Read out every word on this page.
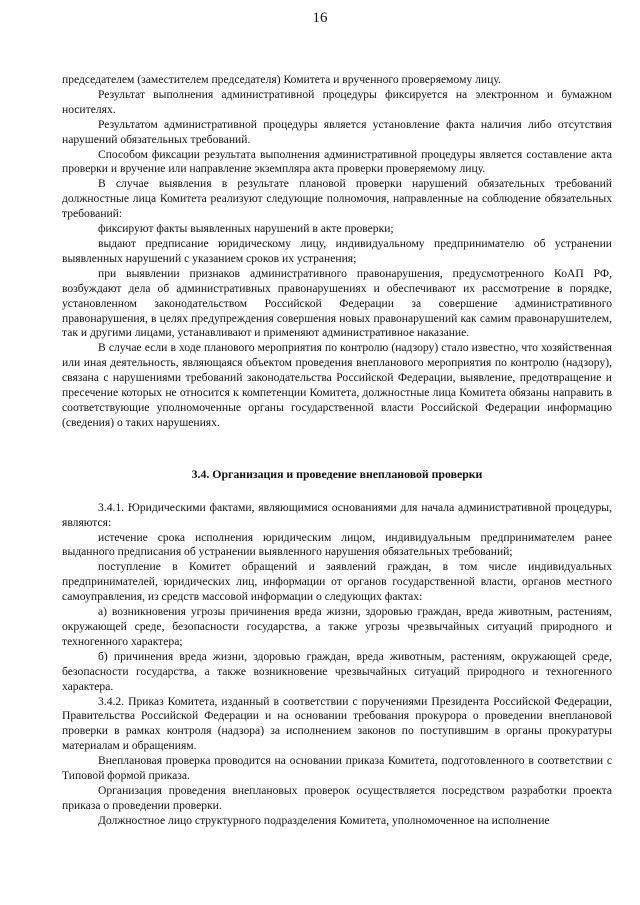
16

председателем (заместителем председателя) Комитета и врученного проверяемому лицу.

Результат выполнения административной процедуры фиксируется на электронном и бумажном носителях.

Результатом административной процедуры является установление факта наличия либо отсутствия нарушений обязательных требований.

Способом фиксации результата выполнения административной процедуры является составление акта проверки и вручение или направление экземпляра акта проверки проверяемому лицу.

В случае выявления в результате плановой проверки нарушений обязательных требований должностные лица Комитета реализуют следующие полномочия, направленные на соблюдение обязательных требований:

фиксируют факты выявленных нарушений в акте проверки;

выдают предписание юридическому лицу, индивидуальному предпринимателю об устранении выявленных нарушений с указанием сроков их устранения;

при выявлении признаков административного правонарушения, предусмотренного КоАП РФ, возбуждают дела об административных правонарушениях и обеспечивают их рассмотрение в порядке, установленном законодательством Российской Федерации за совершение административного правонарушения, в целях предупреждения совершения новых правонарушений как самим правонарушителем, так и другими лицами, устанавливают и применяют административное наказание.

В случае если в ходе планового мероприятия по контролю (надзору) стало известно, что хозяйственная или иная деятельность, являющаяся объектом проведения внепланового мероприятия по контролю (надзору), связана с нарушениями требований законодательства Российской Федерации, выявление, предотвращение и пресечение которых не относится к компетенции Комитета, должностные лица Комитета обязаны направить в соответствующие уполномоченные органы государственной власти Российской Федерации информацию (сведения) о таких нарушениях.

3.4. Организация и проведение внеплановой проверки

3.4.1. Юридическими фактами, являющимися основаниями для начала административной процедуры, являются:

истечение срока исполнения юридическим лицом, индивидуальным предпринимателем ранее выданного предписания об устранении выявленного нарушения обязательных требований;

поступление в Комитет обращений и заявлений граждан, в том числе индивидуальных предпринимателей, юридических лиц, информации от органов государственной власти, органов местного самоуправления, из средств массовой информации о следующих фактах:

а) возникновения угрозы причинения вреда жизни, здоровью граждан, вреда животным, растениям, окружающей среде, безопасности государства, а также угрозы чрезвычайных ситуаций природного и техногенного характера;

б) причинения вреда жизни, здоровью граждан, вреда животным, растениям, окружающей среде, безопасности государства, а также возникновение чрезвычайных ситуаций природного и техногенного характера.

3.4.2. Приказ Комитета, изданный в соответствии с поручениями Президента Российской Федерации, Правительства Российской Федерации и на основании требования прокурора о проведении внеплановой проверки в рамках контроля (надзора) за исполнением законов по поступившим в органы прокуратуры материалам и обращениям.

Внеплановая проверка проводится на основании приказа Комитета, подготовленного в соответствии с Типовой формой приказа.

Организация проведения внеплановых проверок осуществляется посредством разработки проекта приказа о проведении проверки.

Должностное лицо структурного подразделения Комитета, уполномоченное на исполнение
